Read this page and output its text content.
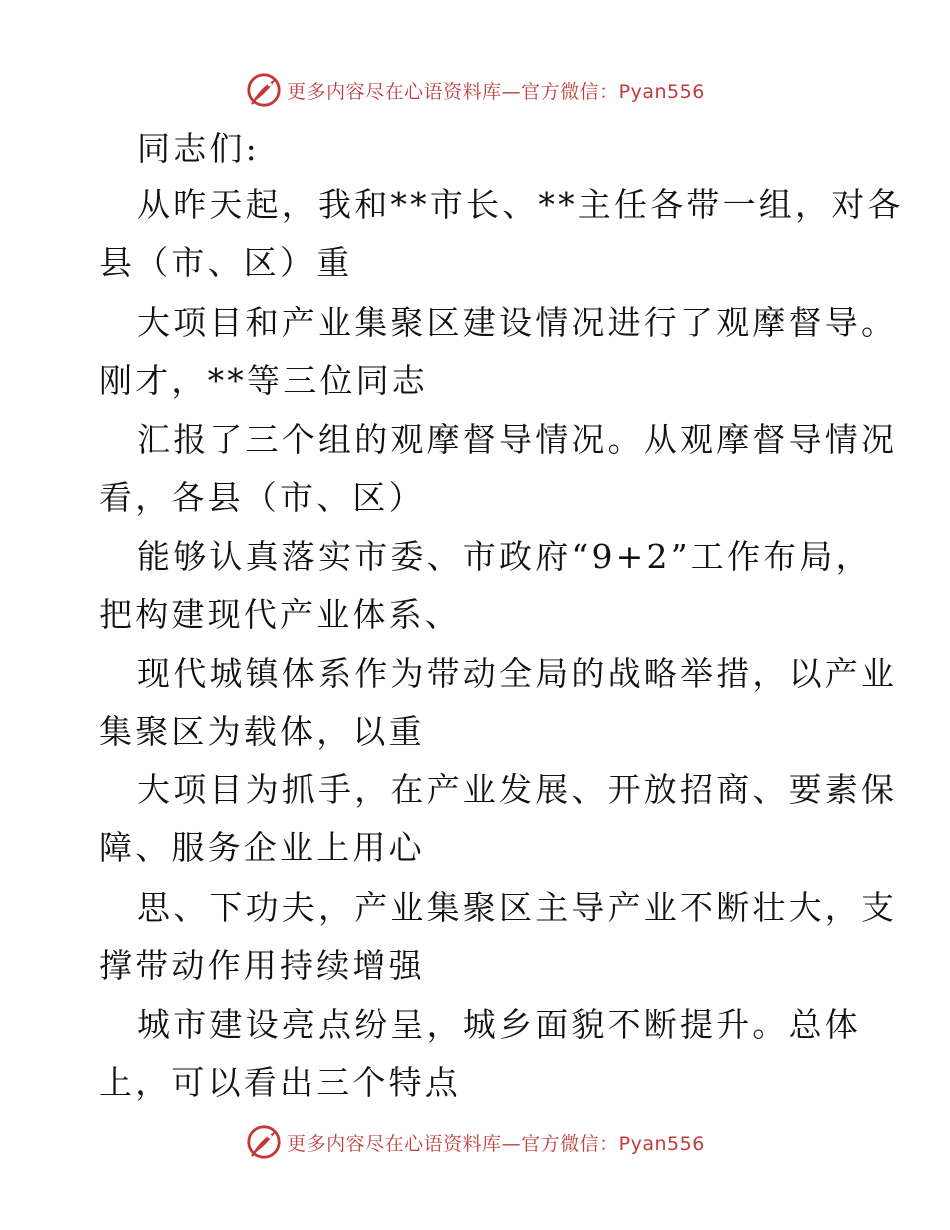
更多内容尽在心语资料库—官方微信：Pyan556
同志们:
从昨天起，我和**市长、**主任各带一组，对各
县（市、区）重
大项目和产业集聚区建设情况进行了观摩督导。
刚才，**等三位同志
汇报了三个组的观摩督导情况。从观摩督导情况
看，各县（市、区）
能够认真落实市委、市政府“9+2”工作布局，
把构建现代产业体系、
现代城镇体系作为带动全局的战略举措，以产业
集聚区为载体，以重
大项目为抓手，在产业发展、开放招商、要素保
障、服务企业上用心
思、下功夫，产业集聚区主导产业不断壮大，支
撑带动作用持续增强
城市建设亮点纷呈，城乡面貌不断提升。总体
上，可以看出三个特点
更多内容尽在心语资料库—官方微信：Pyan556
